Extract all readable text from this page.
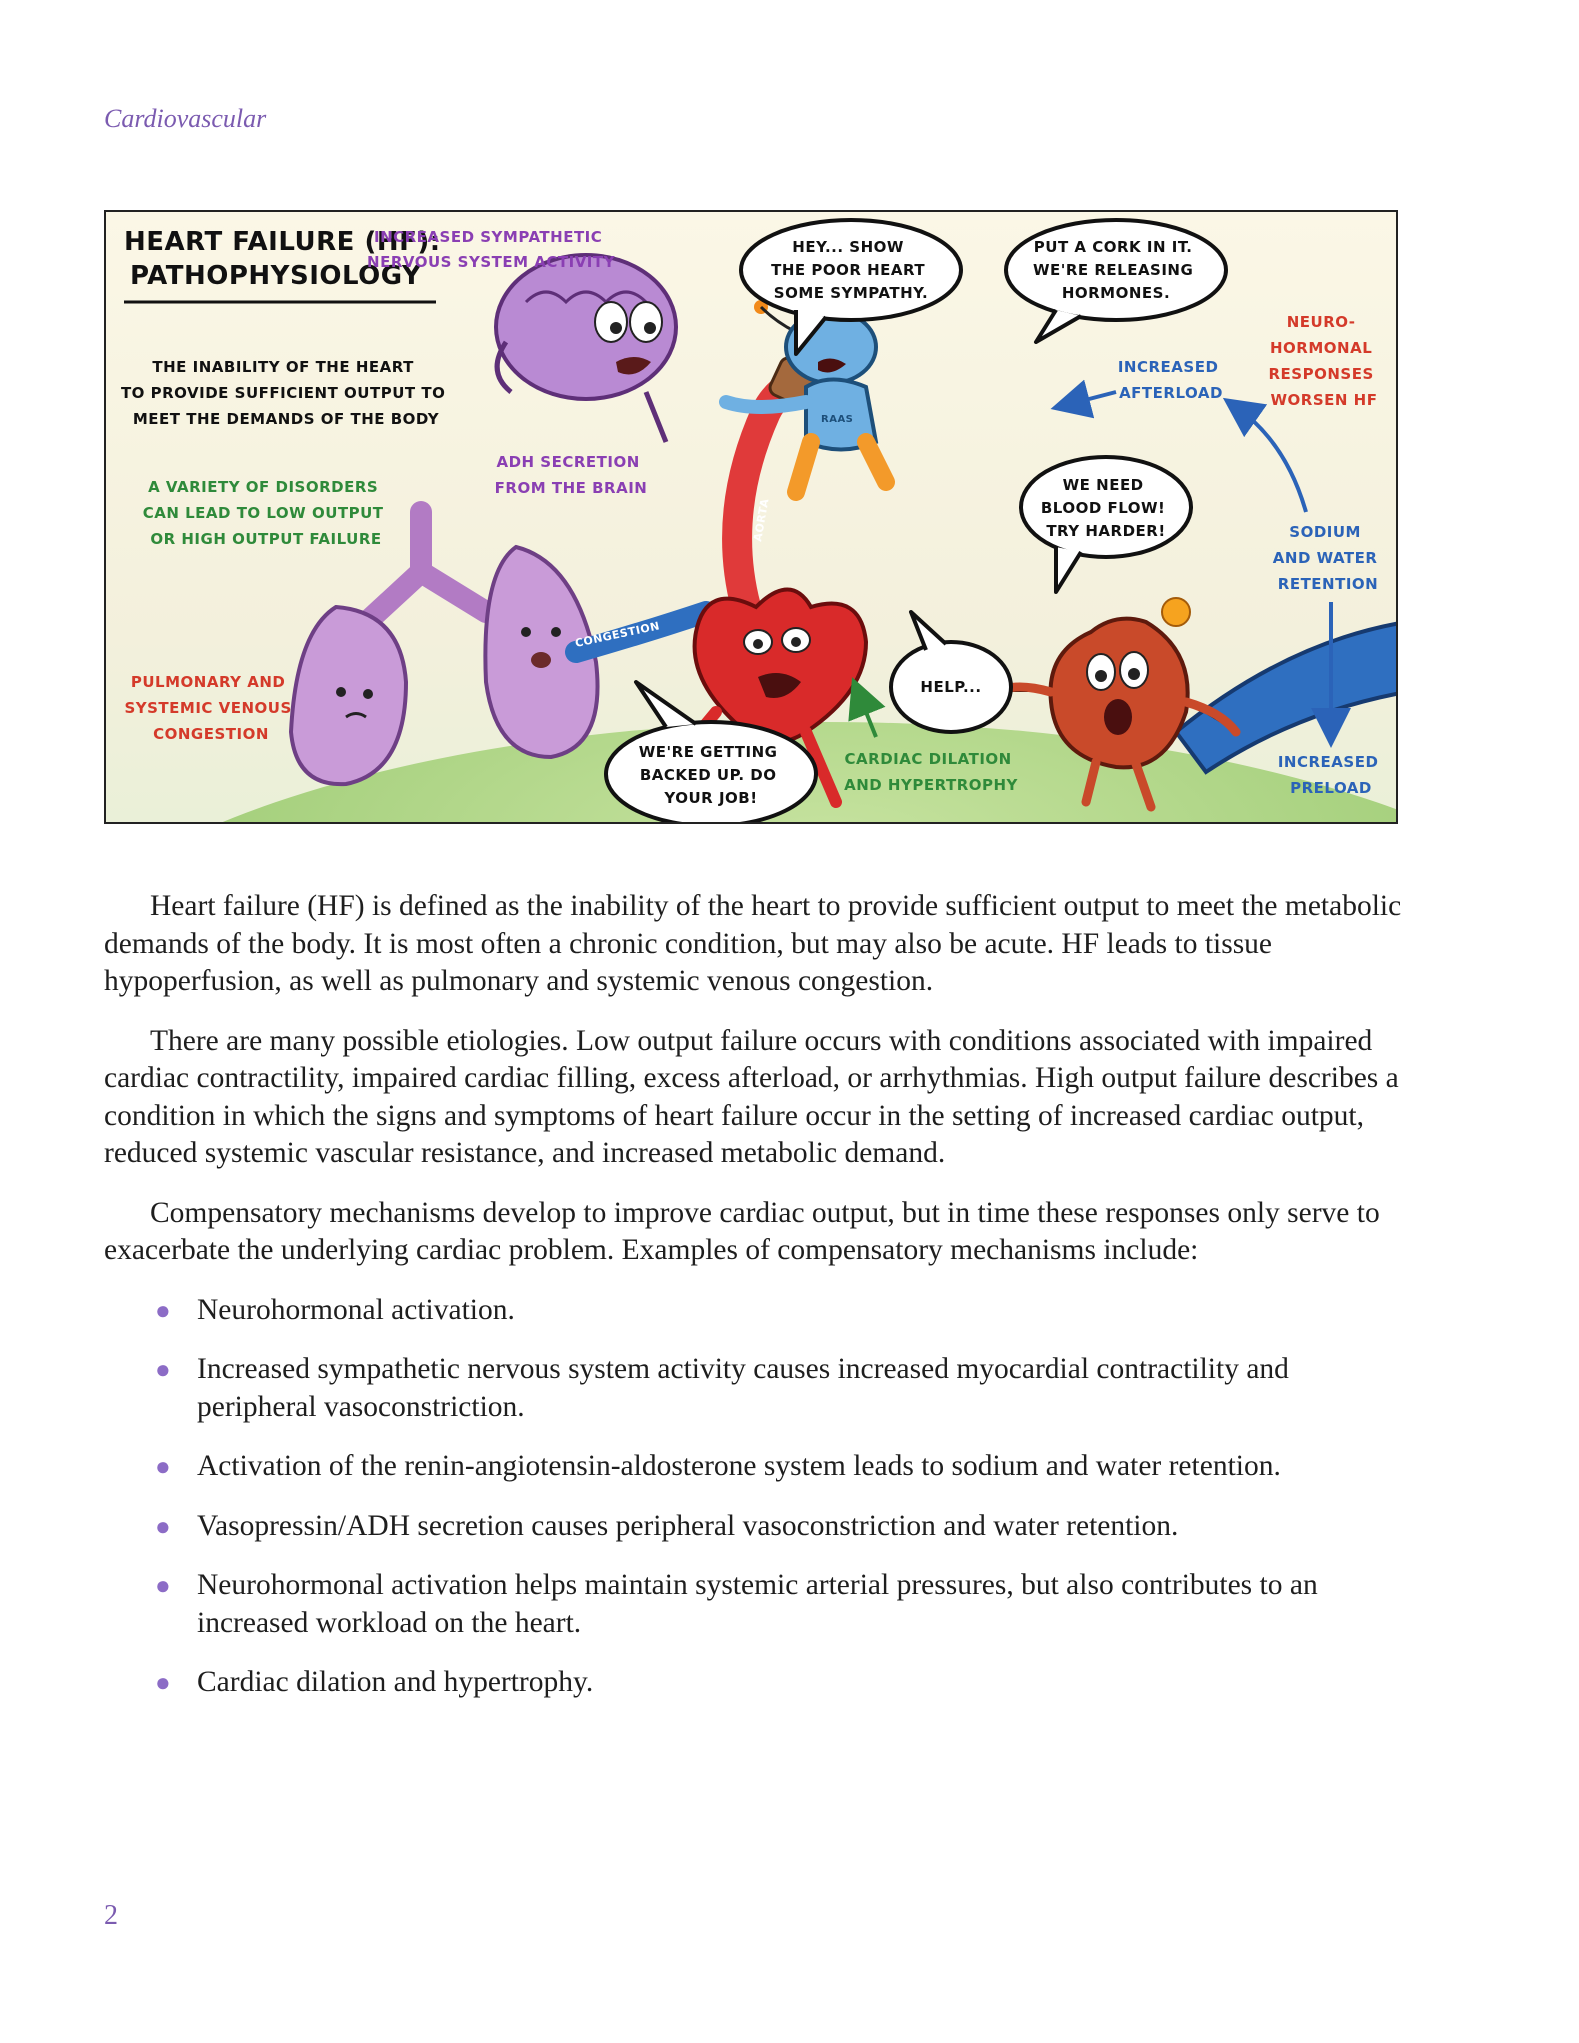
Cardiovascular
CONGESTION
AORTA
RAAS
HEY... SHOW THE POOR HEART SOME SYMPATHY.
PUT A CORK IN IT. WE'RE RELEASING HORMONES.
WE NEED BLOOD FLOW! TRY HARDER!
HELP...
WE'RE GETTING BACKED UP. DO YOUR JOB!
HEART FAILURE (HF): PATHOPHYSIOLOGY
THE INABILITY OF THE HEART TO PROVIDE SUFFICIENT OUTPUT TO MEET THE DEMANDS OF THE BODY
A VARIETY OF DISORDERS CAN LEAD TO LOW OUTPUT OR HIGH OUTPUT FAILURE
INCREASED SYMPATHETIC NERVOUS SYSTEM ACTIVITY
ADH SECRETION FROM THE BRAIN
NEURO- HORMONAL RESPONSES WORSEN HF
INCREASED AFTERLOAD
SODIUM AND WATER RETENTION
PULMONARY AND SYSTEMIC VENOUS CONGESTION
CARDIAC DILATION AND HYPERTROPHY
INCREASED PRELOAD

Heart failure (HF) is defined as the inability of the heart to provide sufficient output to meet the metabolic demands of the body. It is most often a chronic condition, but may also be acute. HF leads to tissue hypoperfusion, as well as pulmonary and systemic venous congestion.

There are many possible etiologies. Low output failure occurs with conditions associated with impaired cardiac contractility, impaired cardiac filling, excess afterload, or arrhythmias. High output failure describes a condition in which the signs and symptoms of heart failure occur in the setting of increased cardiac output, reduced systemic vascular resistance, and increased metabolic demand.

Compensatory mechanisms develop to improve cardiac output, but in time these responses only serve to exacerbate the underlying cardiac problem. Examples of compensatory mechanisms include:

● Neurohormonal activation.
● Increased sympathetic nervous system activity causes increased myocardial contractility and peripheral vasoconstriction.
● Activation of the renin-angiotensin-aldosterone system leads to sodium and water retention.
● Vasopressin/ADH secretion causes peripheral vasoconstriction and water retention.
● Neurohormonal activation helps maintain systemic arterial pressures, but also contributes to an increased workload on the heart.
● Cardiac dilation and hypertrophy.
2
